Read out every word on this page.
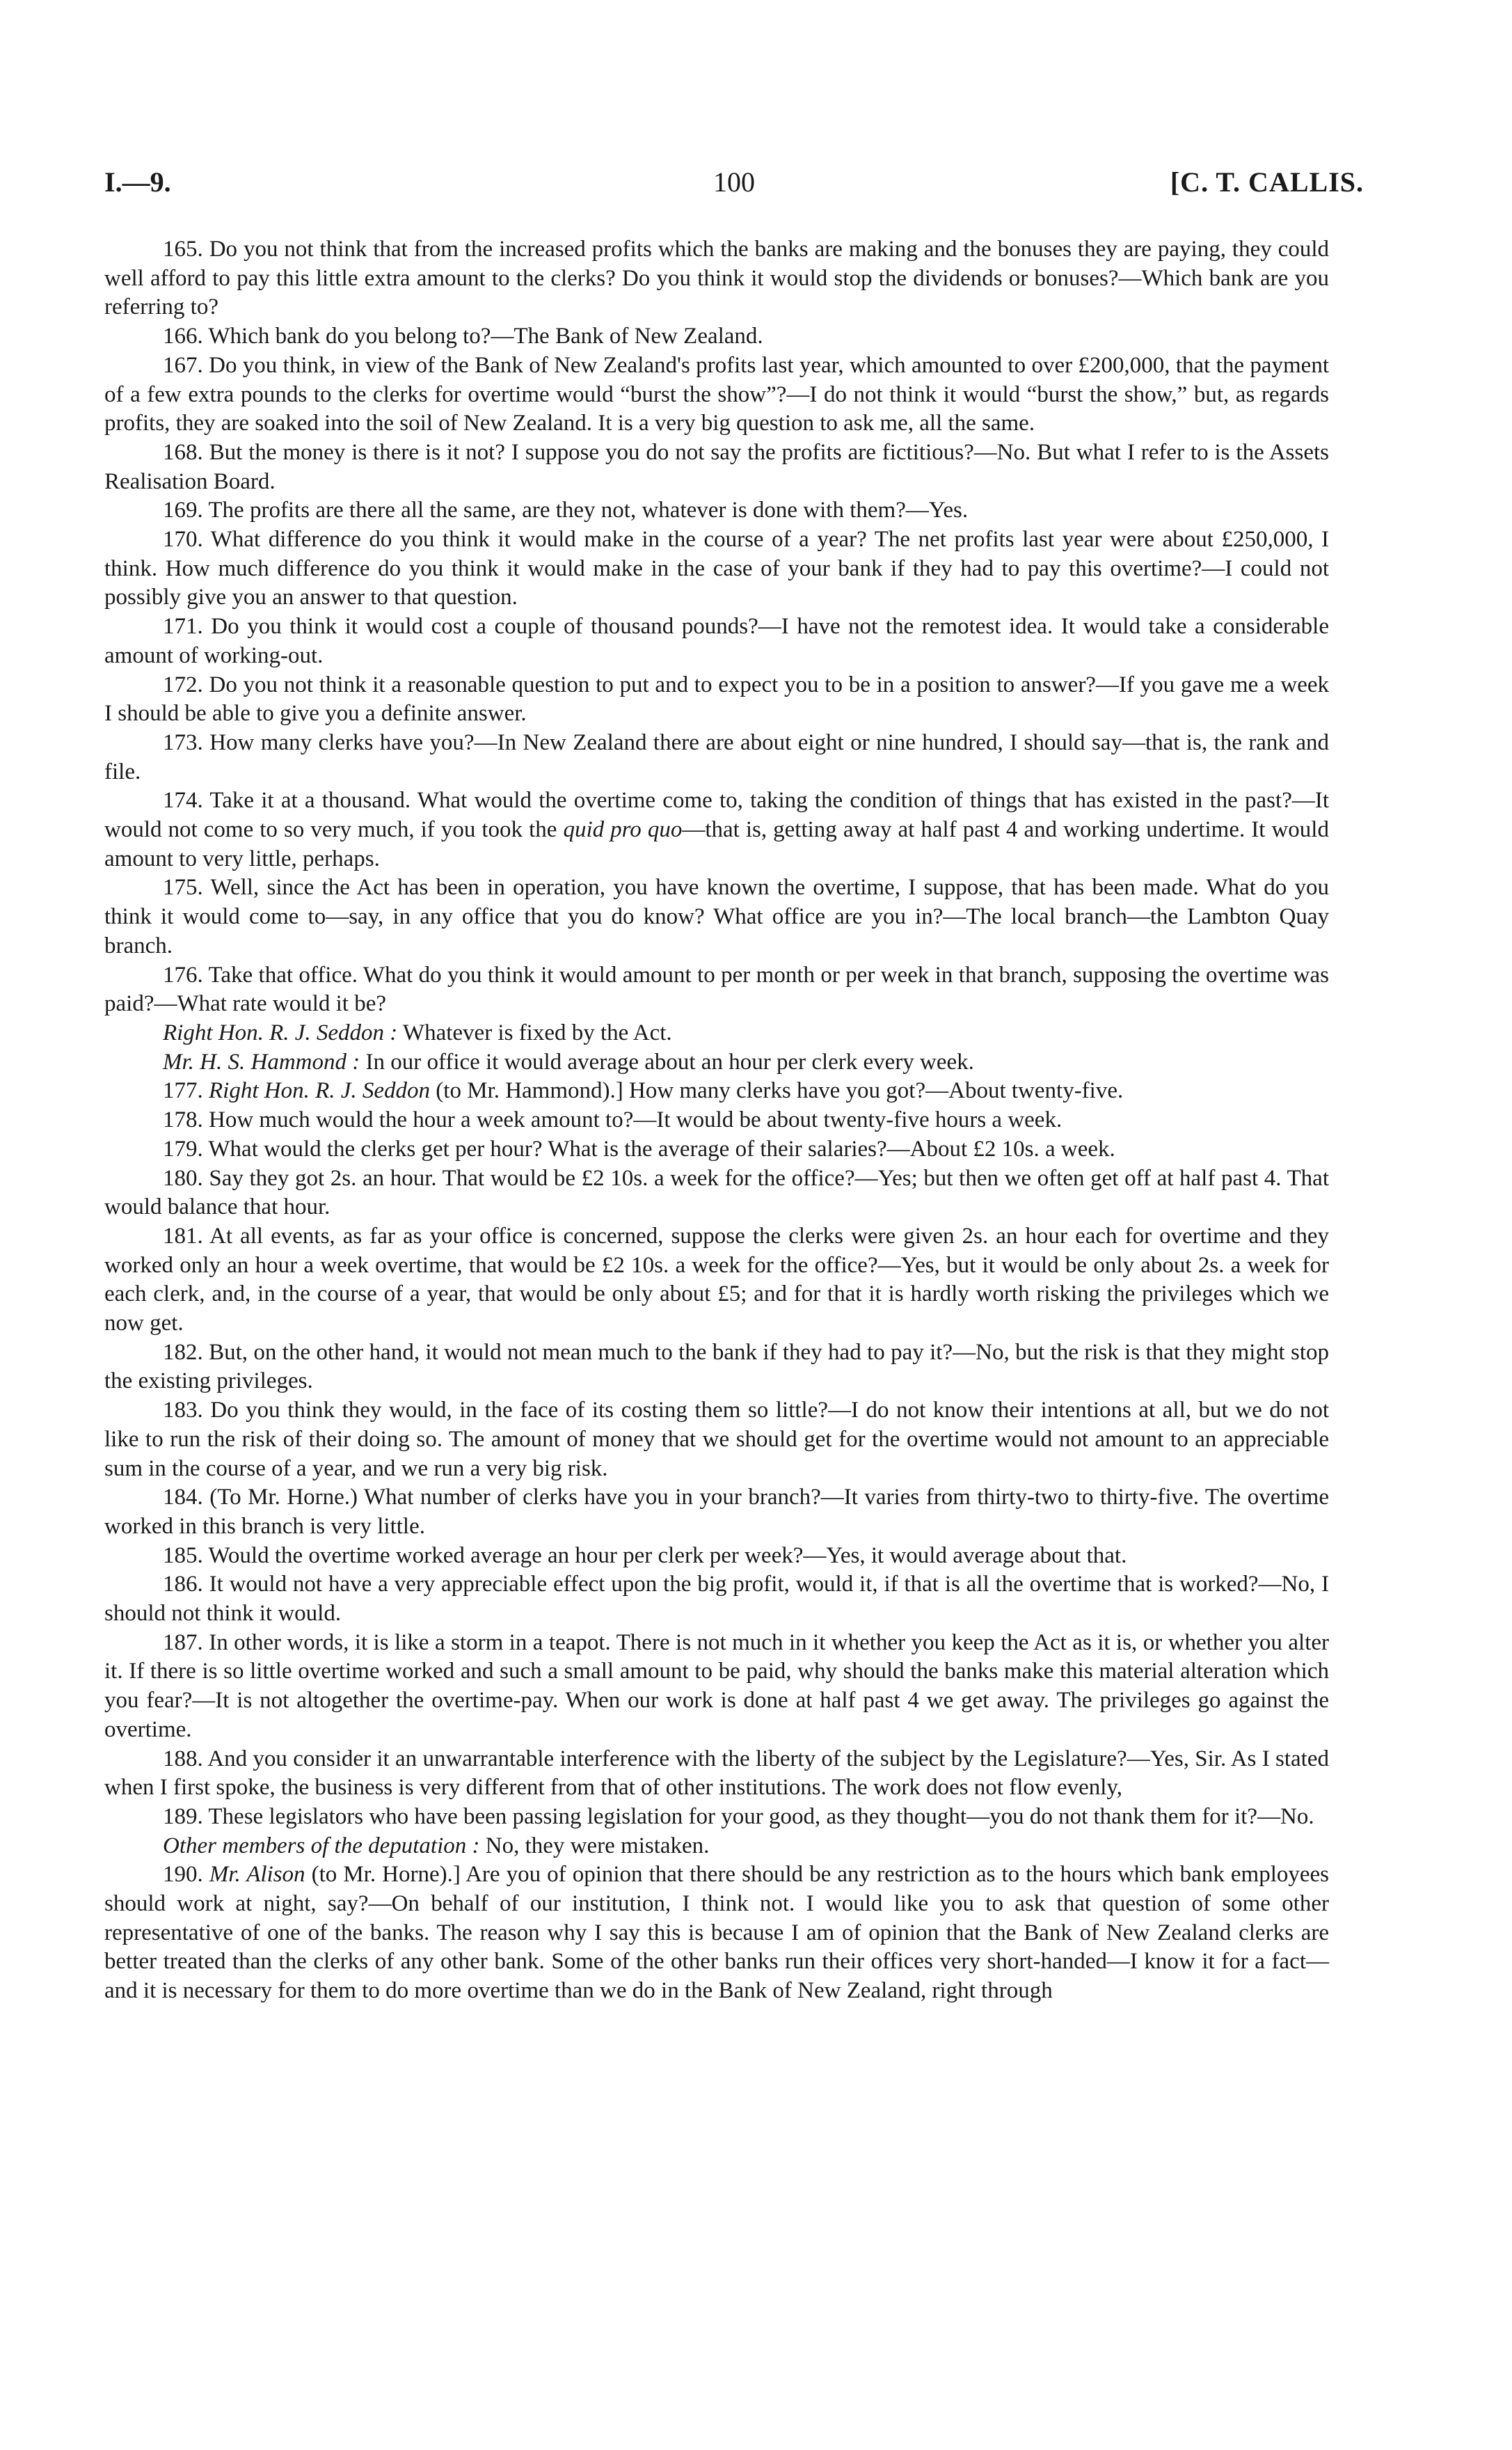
I.—9.	100	[C. T. CALLIS.

165. Do you not think that from the increased profits which the banks are making and the bonuses they are paying, they could well afford to pay this little extra amount to the clerks? Do you think it would stop the dividends or bonuses?—Which bank are you referring to?

166. Which bank do you belong to?—The Bank of New Zealand.

167. Do you think, in view of the Bank of New Zealand's profits last year, which amounted to over £200,000, that the payment of a few extra pounds to the clerks for overtime would “burst the show”?—I do not think it would “burst the show,” but, as regards profits, they are soaked into the soil of New Zealand. It is a very big question to ask me, all the same.

168. But the money is there is it not? I suppose you do not say the profits are fictitious?—No. But what I refer to is the Assets Realisation Board.

169. The profits are there all the same, are they not, whatever is done with them?—Yes.

170. What difference do you think it would make in the course of a year? The net profits last year were about £250,000, I think. How much difference do you think it would make in the case of your bank if they had to pay this overtime?—I could not possibly give you an answer to that question.

171. Do you think it would cost a couple of thousand pounds?—I have not the remotest idea. It would take a considerable amount of working-out.

172. Do you not think it a reasonable question to put and to expect you to be in a position to answer?—If you gave me a week I should be able to give you a definite answer.

173. How many clerks have you?—In New Zealand there are about eight or nine hundred, I should say—that is, the rank and file.

174. Take it at a thousand. What would the overtime come to, taking the condition of things that has existed in the past?—It would not come to so very much, if you took the quid pro quo—that is, getting away at half past 4 and working undertime. It would amount to very little, perhaps.

175. Well, since the Act has been in operation, you have known the overtime, I suppose, that has been made. What do you think it would come to—say, in any office that you do know? What office are you in?—The local branch—the Lambton Quay branch.

176. Take that office. What do you think it would amount to per month or per week in that branch, supposing the overtime was paid?—What rate would it be?

Right Hon. R. J. Seddon : Whatever is fixed by the Act.

Mr. H. S. Hammond : In our office it would average about an hour per clerk every week.

177. Right Hon. R. J. Seddon (to Mr. Hammond).] How many clerks have you got?—About twenty-five.

178. How much would the hour a week amount to?—It would be about twenty-five hours a week.

179. What would the clerks get per hour? What is the average of their salaries?—About £2 10s. a week.

180. Say they got 2s. an hour. That would be £2 10s. a week for the office?—Yes; but then we often get off at half past 4. That would balance that hour.

181. At all events, as far as your office is concerned, suppose the clerks were given 2s. an hour each for overtime and they worked only an hour a week overtime, that would be £2 10s. a week for the office?—Yes, but it would be only about 2s. a week for each clerk, and, in the course of a year, that would be only about £5; and for that it is hardly worth risking the privileges which we now get.

182. But, on the other hand, it would not mean much to the bank if they had to pay it?—No, but the risk is that they might stop the existing privileges.

183. Do you think they would, in the face of its costing them so little?—I do not know their intentions at all, but we do not like to run the risk of their doing so. The amount of money that we should get for the overtime would not amount to an appreciable sum in the course of a year, and we run a very big risk.

184. (To Mr. Horne.) What number of clerks have you in your branch?—It varies from thirty-two to thirty-five. The overtime worked in this branch is very little.

185. Would the overtime worked average an hour per clerk per week?—Yes, it would average about that.

186. It would not have a very appreciable effect upon the big profit, would it, if that is all the overtime that is worked?—No, I should not think it would.

187. In other words, it is like a storm in a teapot. There is not much in it whether you keep the Act as it is, or whether you alter it. If there is so little overtime worked and such a small amount to be paid, why should the banks make this material alteration which you fear?—It is not altogether the overtime-pay. When our work is done at half past 4 we get away. The privileges go against the overtime.

188. And you consider it an unwarrantable interference with the liberty of the subject by the Legislature?—Yes, Sir. As I stated when I first spoke, the business is very different from that of other institutions. The work does not flow evenly,

189. These legislators who have been passing legislation for your good, as they thought—you do not thank them for it?—No.

Other members of the deputation : No, they were mistaken.

190. Mr. Alison (to Mr. Horne).] Are you of opinion that there should be any restriction as to the hours which bank employees should work at night, say?—On behalf of our institution, I think not. I would like you to ask that question of some other representative of one of the banks. The reason why I say this is because I am of opinion that the Bank of New Zealand clerks are better treated than the clerks of any other bank. Some of the other banks run their offices very short-handed—I know it for a fact—and it is necessary for them to do more overtime than we do in the Bank of New Zealand, right through
